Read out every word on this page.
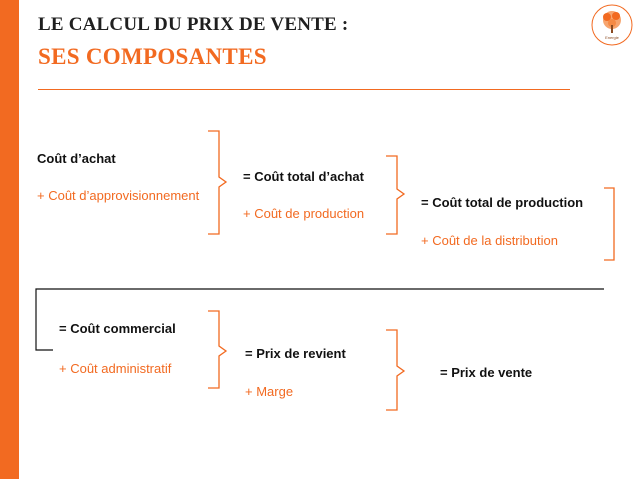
LE CALCUL DU PRIX DE VENTE :
SES COMPOSANTES
Energie
Coût d’achat
+ Coût d’approvisionnement
= Coût total d’achat
+ Coût de production
= Coût total de production
+ Coût de la distribution
= Coût commercial
+ Coût administratif
= Prix de revient
+ Marge
= Prix de vente
